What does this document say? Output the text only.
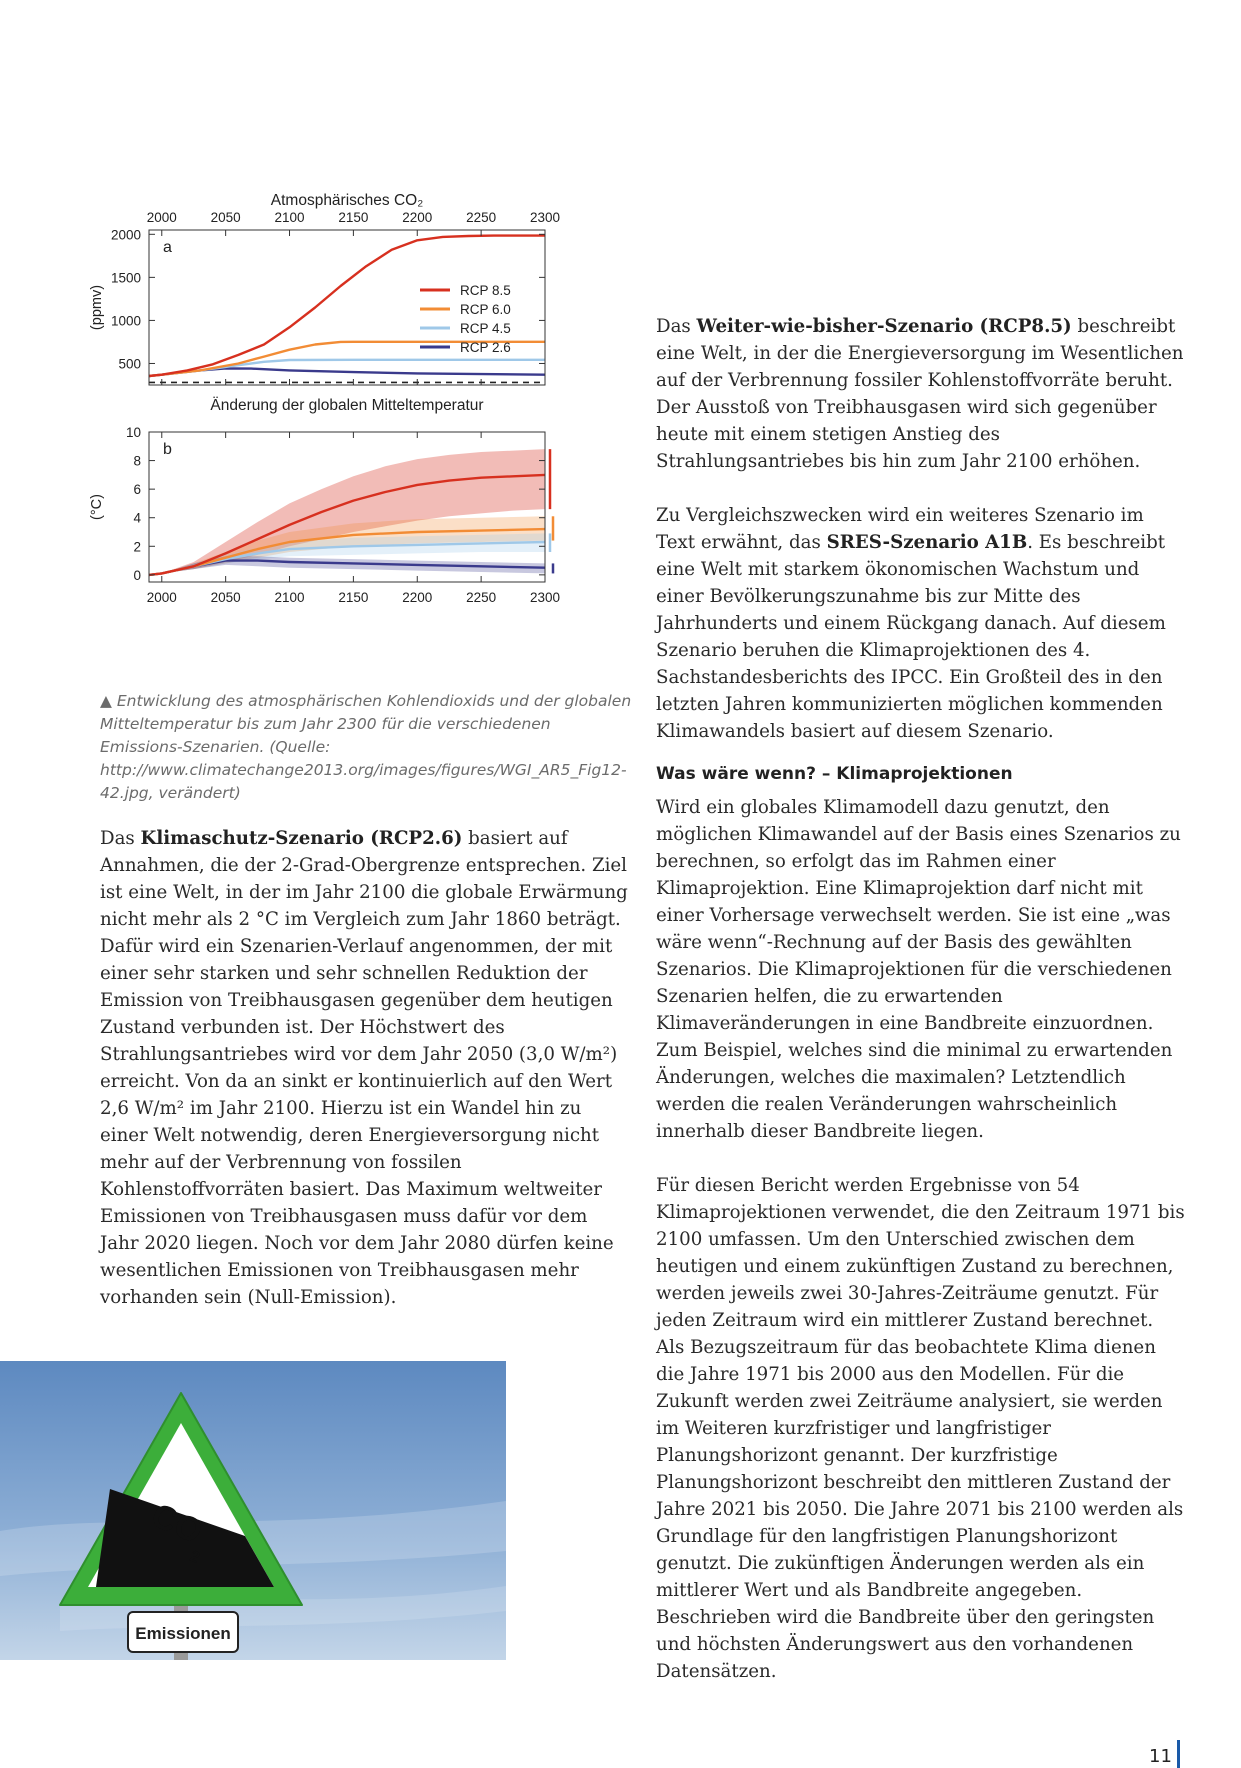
Atmosphärisches CO₂
500
1000
1500
2000
2000	2050	2100	2150	2200	2250	2300
(ppmv)
a
RCP 8.5
RCP 6.0
RCP 4.5
RCP 2.6
Änderung der globalen Mitteltemperatur
0
2
4
6
8
10
2000	2050	2100	2150	2200	2250	2300
(°C)
b
▲ Entwicklung des atmosphärischen Kohlendioxids und der globalen Mitteltemperatur bis zum Jahr 2300 für die verschiedenen Emissions-Szenarien. (Quelle: http://www.climatechange2013.org/images/figures/WGI_AR5_Fig12-42.jpg, verändert)

Das Klimaschutz-Szenario (RCP2.6) basiert auf Annahmen, die der 2-Grad-Obergrenze entsprechen. Ziel ist eine Welt, in der im Jahr 2100 die globale Erwärmung nicht mehr als 2 °C im Vergleich zum Jahr 1860 beträgt. Dafür wird ein Szenarien-Verlauf angenommen, der mit einer sehr starken und sehr schnellen Reduktion der Emission von Treibhausgasen gegenüber dem heutigen Zustand verbunden ist. Der Höchstwert des Strahlungsantriebes wird vor dem Jahr 2050 (3,0 W/m²) erreicht. Von da an sinkt er kontinuierlich auf den Wert 2,6 W/m² im Jahr 2100. Hierzu ist ein Wandel hin zu einer Welt notwendig, deren Energieversorgung nicht mehr auf der Verbrennung von fossilen Kohlenstoffvorräten basiert. Das Maximum weltweiter Emissionen von Treibhausgasen muss dafür vor dem Jahr 2020 liegen. Noch vor dem Jahr 2080 dürfen keine wesentlichen Emissionen von Treibhausgasen mehr vorhanden sein (Null-Emission).

Das Weiter-wie-bisher-Szenario (RCP8.5) beschreibt eine Welt, in der die Energieversorgung im Wesentlichen auf der Verbrennung fossiler Kohlenstoffvorräte beruht. Der Ausstoß von Treibhausgasen wird sich gegenüber heute mit einem stetigen Anstieg des Strahlungsantriebes bis hin zum Jahr 2100 erhöhen.

Zu Vergleichszwecken wird ein weiteres Szenario im Text erwähnt, das SRES-Szenario A1B. Es beschreibt eine Welt mit starkem ökonomischen Wachstum und einer Bevölkerungszunahme bis zur Mitte des Jahrhunderts und einem Rückgang danach. Auf diesem Szenario beruhen die Klimaprojektionen des 4. Sachstandesberichts des IPCC. Ein Großteil des in den letzten Jahren kommunizierten möglichen kommenden Klimawandels basiert auf diesem Szenario.

Was wäre wenn? – Klimaprojektionen

Wird ein globales Klimamodell dazu genutzt, den möglichen Klimawandel auf der Basis eines Szenarios zu berechnen, so erfolgt das im Rahmen einer Klimaprojektion. Eine Klimaprojektion darf nicht mit einer Vorhersage verwechselt werden. Sie ist eine „was wäre wenn“-Rechnung auf der Basis des gewählten Szenarios. Die Klimaprojektionen für die verschiedenen Szenarien helfen, die zu erwartenden Klimaveränderungen in eine Bandbreite einzuordnen. Zum Beispiel, welches sind die minimal zu erwartenden Änderungen, welches die maximalen? Letztendlich werden die realen Veränderungen wahrscheinlich innerhalb dieser Bandbreite liegen.

Für diesen Bericht werden Ergebnisse von 54 Klimaprojektionen verwendet, die den Zeitraum 1971 bis 2100 umfassen. Um den Unterschied zwischen dem heutigen und einem zukünftigen Zustand zu berechnen, werden jeweils zwei 30-Jahres-Zeiträume genutzt. Für jeden Zeitraum wird ein mittlerer Zustand berechnet. Als Bezugszeitraum für das beobachtete Klima dienen die Jahre 1971 bis 2000 aus den Modellen. Für die Zukunft werden zwei Zeiträume analysiert, sie werden im Weiteren kurzfristiger und langfristiger Planungshorizont genannt. Der kurzfristige Planungshorizont beschreibt den mittleren Zustand der Jahre 2021 bis 2050. Die Jahre 2071 bis 2100 werden als Grundlage für den langfristigen Planungshorizont genutzt. Die zukünftigen Änderungen werden als ein mittlerer Wert und als Bandbreite angegeben. Beschrieben wird die Bandbreite über den geringsten und höchsten Änderungswert aus den vorhandenen Datensätzen.

CO
2
Emissionen
11
